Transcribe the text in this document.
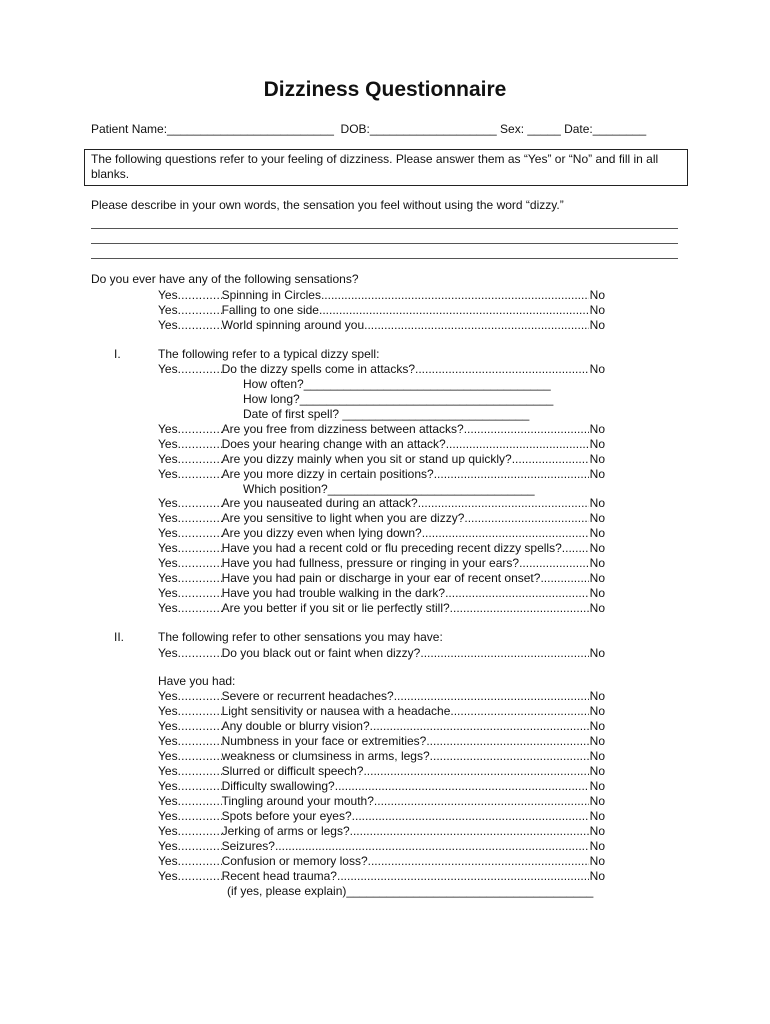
Dizziness Questionnaire
Patient Name:_________________________  DOB:___________________ Sex: _____ Date:________
The following questions refer to your feeling of dizziness. Please answer them as “Yes” or “No” and fill in all blanks.
Please describe in your own words, the sensation you feel without using the word “dizzy.”
Do you ever have any of the following sensations?
Yes .....	Spinning in Circles .....	No
Yes .....	Falling to one side .....	No
Yes .....	World spinning around you .....	No
I.	The following refer to a typical dizzy spell:
Yes .....	Do the dizzy spells come in attacks? .....	No
How often?_____________________________________
How long?______________________________________
Date of first spell? ____________________________
Yes .....	Are you free from dizziness between attacks? .....	No
Yes .....	Does your hearing change with an attack? .....	No
Yes .....	Are you dizzy mainly when you sit or stand up quickly? .....	No
Yes .....	Are you more dizzy in certain positions? .....	No
Which position?_______________________________
Yes .....	Are you nauseated during an attack? .....	No
Yes .....	Are you sensitive to light when you are dizzy? .....	No
Yes .....	Are you dizzy even when lying down? .....	No
Yes .....	Have you had a recent cold or flu preceding recent dizzy spells? ..... No
Yes .....	Have you had fullness, pressure or ringing in your ears? .....	No
Yes .....	Have you had pain or discharge in your ear of recent onset? .....	No
Yes .....	Have you had trouble walking in the dark? .....	No
Yes .....	Are you better if you sit or lie perfectly still? .....	No
II.	The following refer to other sensations you may have:
Yes .....	Do you black out or faint when dizzy? .....	No
Have you had:
Yes .....	Severe or recurrent headaches? .....	No
Yes .....	Light sensitivity or nausea with a headache .....	No
Yes .....	Any double or blurry vision? .....	No
Yes .....	Numbness in your face or extremities? .....	No
Yes .....	weakness or clumsiness in arms, legs? .....	No
Yes .....	Slurred or difficult speech? .....	No
Yes .....	Difficulty swallowing? .....	No
Yes .....	Tingling around your mouth? .....	No
Yes .....	Spots before your eyes? .....	No
Yes .....	Jerking of arms or legs? .....	No
Yes .....	Seizures? .....	No
Yes .....	Confusion or memory loss? .....	No
Yes .....	Recent head trauma? .....	No
(if yes, please explain)_____________________________________
